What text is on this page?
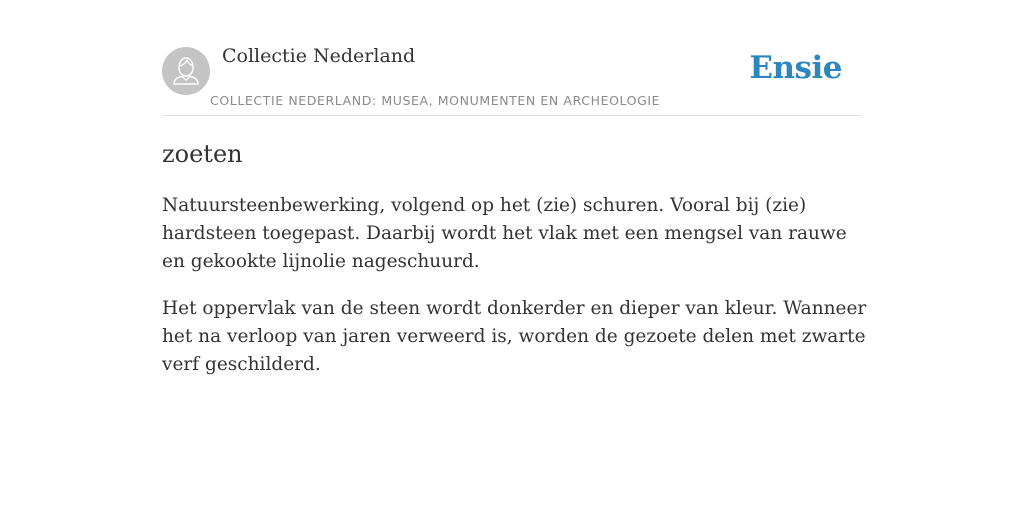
Collectie Nederland
COLLECTIE NEDERLAND: MUSEA, MONUMENTEN EN ARCHEOLOGIE
Ensie
zoeten

Natuursteenbewerking, volgend op het (zie) schuren. Vooral bij (zie) hardsteen toegepast. Daarbij wordt het vlak met een mengsel van rauwe en gekookte lijnolie nageschuurd.

Het oppervlak van de steen wordt donkerder en dieper van kleur. Wanneer het na verloop van jaren verweerd is, worden de gezoete delen met zwarte verf geschilderd.
